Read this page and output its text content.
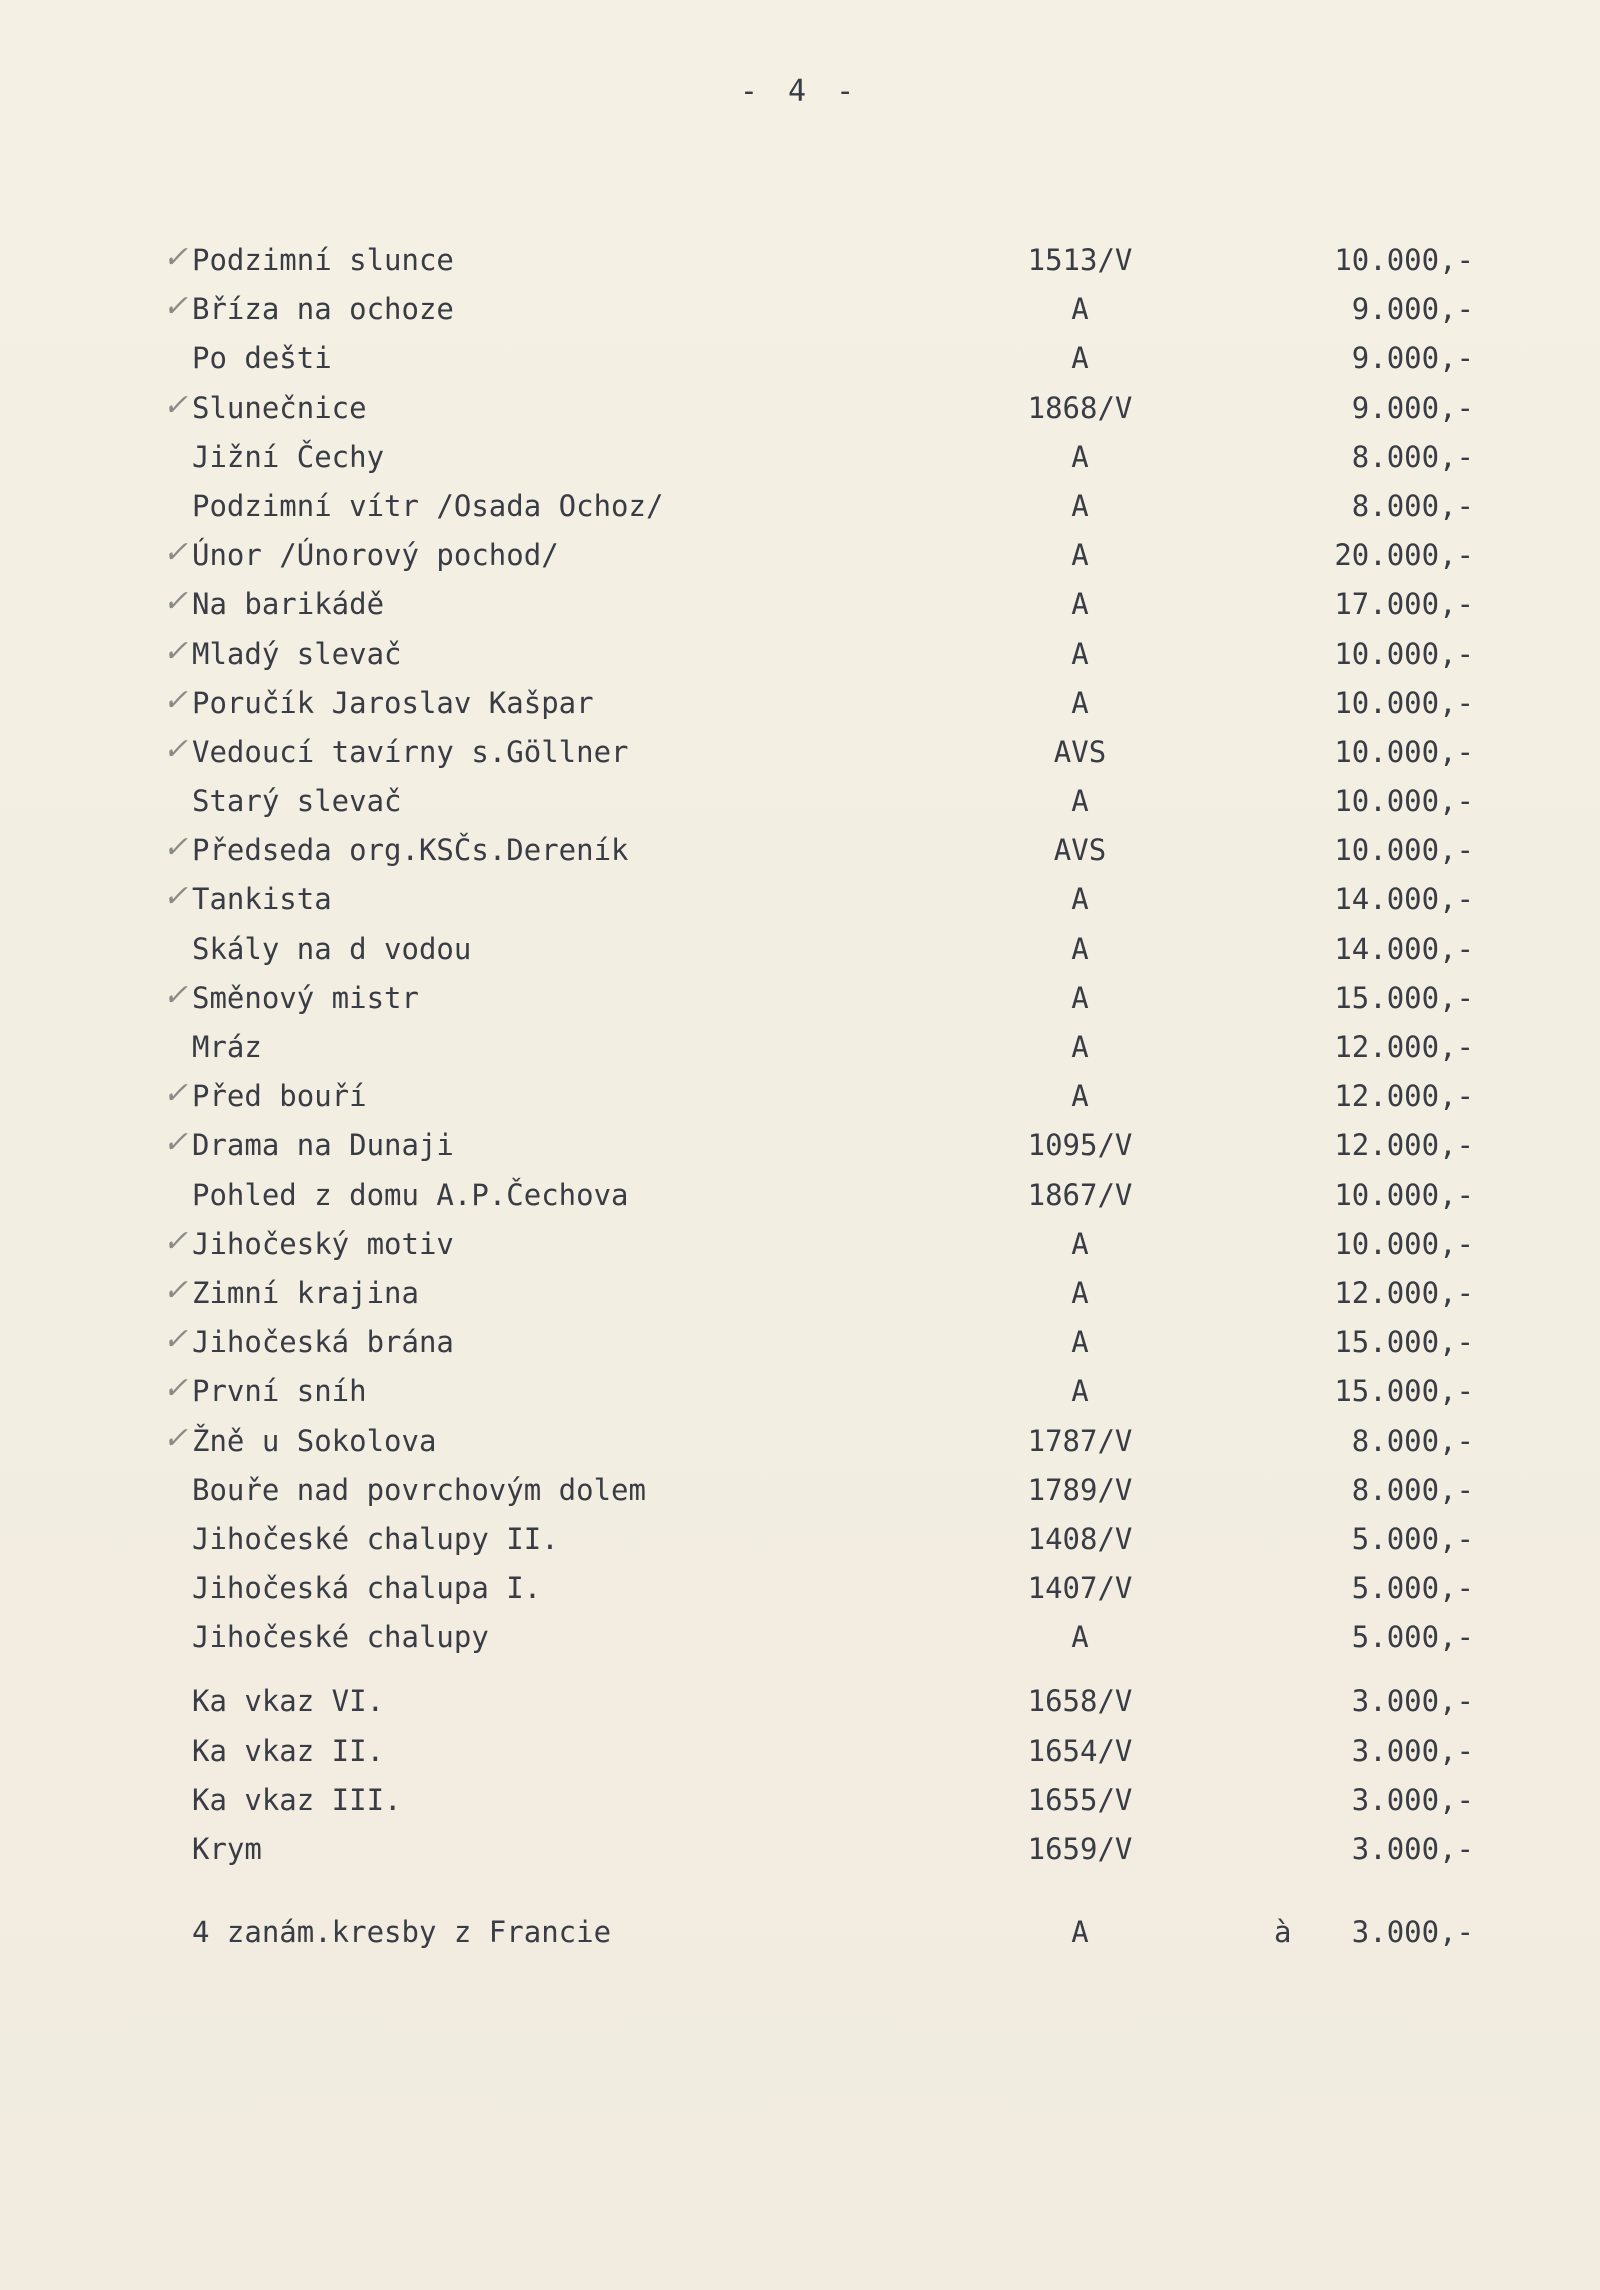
- 4 -
✓ Podzimní slunce	1513/V	10.000,-
✓ Bříza na ochoze	A	9.000,-
Po dešti	A	9.000,-
✓ Slunečnice	1868/V	9.000,-
Jižní Čechy	A	8.000,-
Podzimní vítr /Osada Ochoz/	A	8.000,-
✓ Únor /Únorový pochod/	A	20.000,-
✓ Na barikádě	A	17.000,-
✓ Mladý slevač	A	10.000,-
✓ Poručík Jaroslav Kašpar	A	10.000,-
✓ Vedoucí tavírny s.Göllner	AVS	10.000,-
Starý slevač	A	10.000,-
✓ Předseda org.KSČs.Dereník	AVS	10.000,-
✓ Tankista	A	14.000,-
Skály na d vodou	A	14.000,-
✓ Směnový mistr	A	15.000,-
Mráz	A	12.000,-
✓ Před bouří	A	12.000,-
✓ Drama na Dunaji	1095/V	12.000,-
Pohled z domu A.P.Čechova	1867/V	10.000,-
✓ Jihočeský motiv	A	10.000,-
✓ Zimní krajina	A	12.000,-
✓ Jihočeská brána	A	15.000,-
✓ První sníh	A	15.000,-
✓ Žně u Sokolova	1787/V	8.000,-
Bouře nad povrchovým dolem	1789/V	8.000,-
Jihočeské chalupy II.	1408/V	5.000,-
Jihočeská chalupa I.	1407/V	5.000,-
Jihočeské chalupy	A	5.000,-
Ka vkaz VI.	1658/V	3.000,-
Ka vkaz II.	1654/V	3.000,-
Ka vkaz III.	1655/V	3.000,-
Krym	1659/V	3.000,-
4 zanám.kresby z Francie	A	à 3.000,-
